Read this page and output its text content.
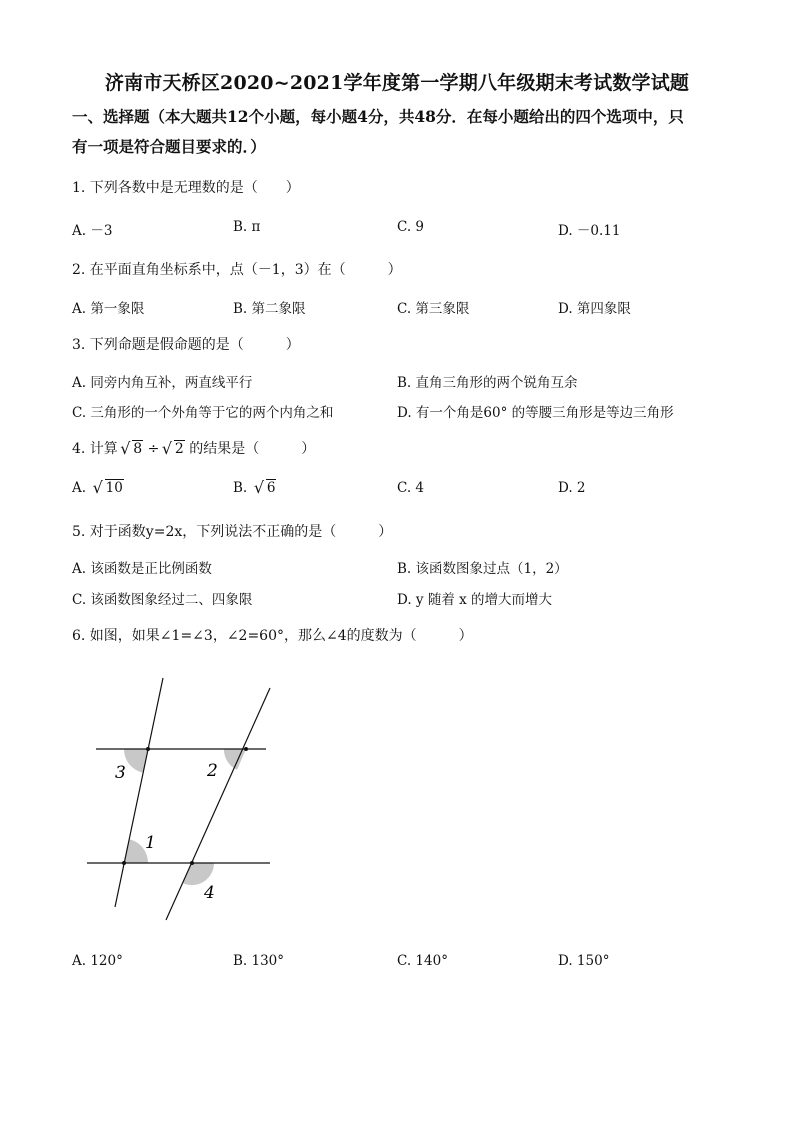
济南市天桥区2020~2021学年度第一学期八年级期末考试数学试题
一、选择题（本大题共12个小题，每小题4分，共48分．在每小题给出的四个选项中，只
有一项是符合题目要求的．）
1. 下列各数中是无理数的是（　　）
A. －3	B. π	C. 9	D. －0.11
2. 在平面直角坐标系中，点（－1，3）在（　　　）
A. 第一象限	B. 第二象限	C. 第三象限	D. 第四象限
3. 下列命题是假命题的是（　　　）
A. 同旁内角互补，两直线平行	B. 直角三角形的两个锐角互余
C. 三角形的一个外角等于它的两个内角之和	D. 有一个角是60° 的等腰三角形是等边三角形
4. 计算 √ 8 ÷ √ 2 的结果是（　　　）
A. √ 10	B. √ 6	C. 4	D. 2
5. 对于函数y=2x，下列说法不正确的是（　　　）
A. 该函数是正比例函数	B. 该函数图象过点（1，2）
C. 该函数图象经过二、四象限	D. y 随着 x 的增大而增大
6. 如图，如果∠1=∠3，∠2=60°，那么∠4的度数为（　　　）
1
2
3
4
A. 120°	B. 130°	C. 140°	D. 150°
